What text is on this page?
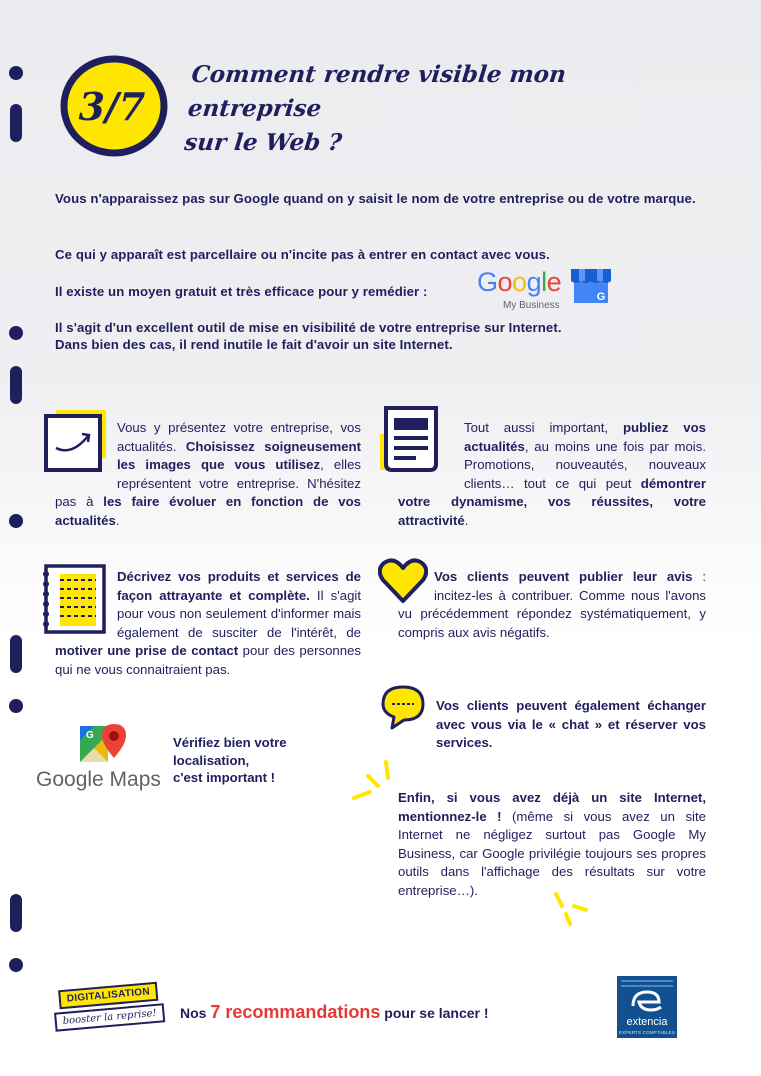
3/7
Comment rendre visible mon entreprise
sur le Web ?
Vous n'apparaissez pas sur Google quand on y saisit le nom de votre entreprise ou de votre marque.
Ce qui y apparaît est parcellaire ou n'incite pas à entrer en contact avec vous.
Il existe un moyen gratuit et très efficace pour y remédier :	Google
My Business
G
Il s'agit d'un excellent outil de mise en visibilité de votre entreprise sur Internet.
Dans bien des cas, il rend inutile le fait d'avoir un site Internet.
Vous y présentez votre entreprise, vos actualités. Choisissez soigneusement les images que vous utilisez, elles représentent votre entreprise. N'hésitez pas à les faire évoluer en fonction de vos actualités.
Tout aussi important, publiez vos actualités, au moins une fois par mois. Promotions, nouveautés, nouveaux clients… tout ce qui peut démontrer votre dynamisme, vos réussites, votre attractivité.
Décrivez vos produits et services de façon attrayante et complète. Il s'agit pour vous non seulement d'informer mais également de susciter de l'intérêt, de motiver une prise de contact pour des personnes qui ne vous connaitraient pas.
Vos clients peuvent publier leur avis : incitez-les à contribuer. Comme nous l'avons vu précédemment répondez systématiquement, y compris aux avis négatifs.
G
Google Maps
Vérifiez bien votre
localisation,
c'est important !
Vos clients peuvent également échanger avec vous via le « chat » et réserver vos services.
Enfin, si vous avez déjà un site Internet, mentionnez-le ! (même si vous avez un site Internet ne négligez surtout pas Google My Business, car Google privilégie toujours ses propres outils dans l'affichage des résultats sur votre entreprise…).
DIGITALISATION
booster la reprise!	Nos 7 recommandations pour se lancer !
extencia
EXPERTS COMPTABLES
